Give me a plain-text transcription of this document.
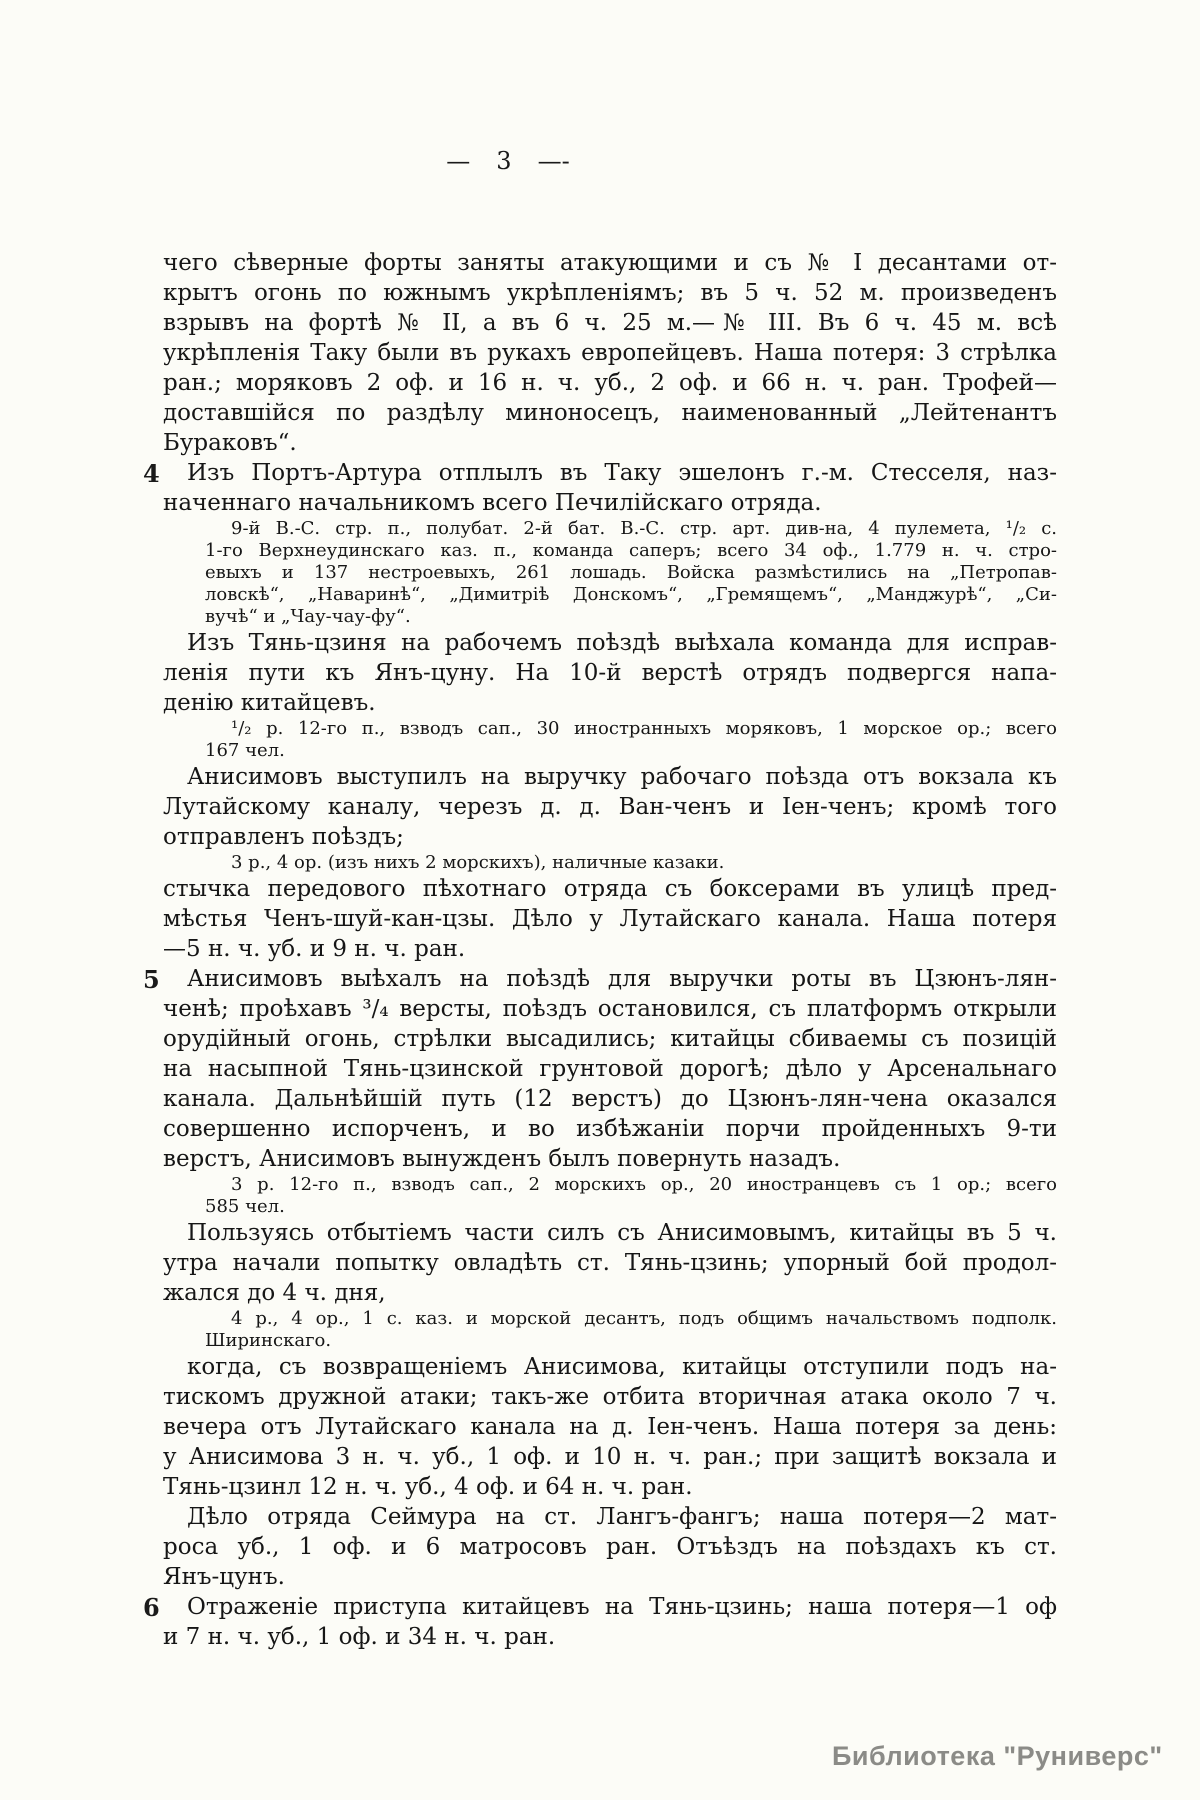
— 3 —-
чего сѣверные форты заняты атакующими и съ № I десантами от-
крытъ огонь по южнымъ укрѣпленіямъ; въ 5 ч. 52 м. произведенъ
взрывъ на фортѣ № II, а въ 6 ч. 25 м.—№ III. Въ 6 ч. 45 м. всѣ
укрѣпленія Таку были въ рукахъ европейцевъ. Наша потеря: 3 стрѣлка
ран.; моряковъ 2 оф. и 16 н. ч. уб., 2 оф. и 66 н. ч. ран. Трофей—
доставшійся по раздѣлу миноносецъ, наименованный „Лейтенантъ
Бураковъ“.
4	Изъ Портъ-Артура отплылъ въ Таку эшелонъ г.-м. Стесселя, наз-
наченнаго начальникомъ всего Печилійскаго отряда.
9-й В.-С. стр. п., полубат. 2-й бат. В.-С. стр. арт. див-на, 4 пулемета, ¹/₂ с.
1-го Верхнеудинскаго каз. п., команда саперъ; всего 34 оф., 1.779 н. ч. стро-
евыхъ и 137 нестроевыхъ, 261 лошадь. Войска размѣстились на „Петропав-
ловскѣ“, „Наваринѣ“, „Димитріѣ Донскомъ“, „Гремящемъ“, „Манджурѣ“, „Си-
вучѣ“ и „Чау-чау-фу“.
Изъ Тянь-цзиня на рабочемъ поѣздѣ выѣхала команда для исправ-
ленія пути къ Янъ-цуну. На 10-й верстѣ отрядъ подвергся напа-
денію китайцевъ.
¹/₂ р. 12-го п., взводъ сап., 30 иностранныхъ моряковъ, 1 морское ор.; всего
167 чел.
Анисимовъ выступилъ на выручку рабочаго поѣзда отъ вокзала къ
Лутайскому каналу, черезъ д. д. Ван-ченъ и Іен-ченъ; кромѣ того
отправленъ поѣздъ;
3 р., 4 ор. (изъ нихъ 2 морскихъ), наличные казаки.
стычка передового пѣхотнаго отряда съ боксерами въ улицѣ пред-
мѣстья Ченъ-шуй-кан-цзы. Дѣло у Лутайскаго канала. Наша потеря
—5 н. ч. уб. и 9 н. ч. ран.
5	Анисимовъ выѣхалъ на поѣздѣ для выручки роты въ Цзюнъ-лян-
ченѣ; проѣхавъ ³/₄ версты, поѣздъ остановился, съ платформъ открыли
орудійный огонь, стрѣлки высадились; китайцы сбиваемы съ позицій
на насыпной Тянь-цзинской грунтовой дорогѣ; дѣло у Арсенальнаго
канала. Дальнѣйшій путь (12 верстъ) до Цзюнъ-лян-чена оказался
совершенно испорченъ, и во избѣжаніи порчи пройденныхъ 9-ти
верстъ, Анисимовъ вынужденъ былъ повернуть назадъ.
3 р. 12-го п., взводъ сап., 2 морскихъ ор., 20 иностранцевъ съ 1 ор.; всего
585 чел.
Пользуясь отбытіемъ части силъ съ Анисимовымъ, китайцы въ 5 ч.
утра начали попытку овладѣть ст. Тянь-цзинь; упорный бой продол-
жался до 4 ч. дня,
4 р., 4 ор., 1 с. каз. и морской десантъ, подъ общимъ начальствомъ подполк.
Ширинскаго.
когда, съ возвращеніемъ Анисимова, китайцы отступили подъ на-
тискомъ дружной атаки; такъ-же отбита вторичная атака около 7 ч.
вечера отъ Лутайскаго канала на д. Іен-ченъ. Наша потеря за день:
у Анисимова 3 н. ч. уб., 1 оф. и 10 н. ч. ран.; при защитѣ вокзала и
Тянь-цзинл 12 н. ч. уб., 4 оф. и 64 н. ч. ран.
Дѣло отряда Сеймура на ст. Лангъ-фангъ; наша потеря—2 мат-
роса уб., 1 оф. и 6 матросовъ ран. Отъѣздъ на поѣздахъ къ ст.
Янъ-цунъ.
6	Отраженіе приступа китайцевъ на Тянь-цзинь; наша потеря—1 оф
и 7 н. ч. уб., 1 оф. и 34 н. ч. ран.
Библиотека "Руниверс"
